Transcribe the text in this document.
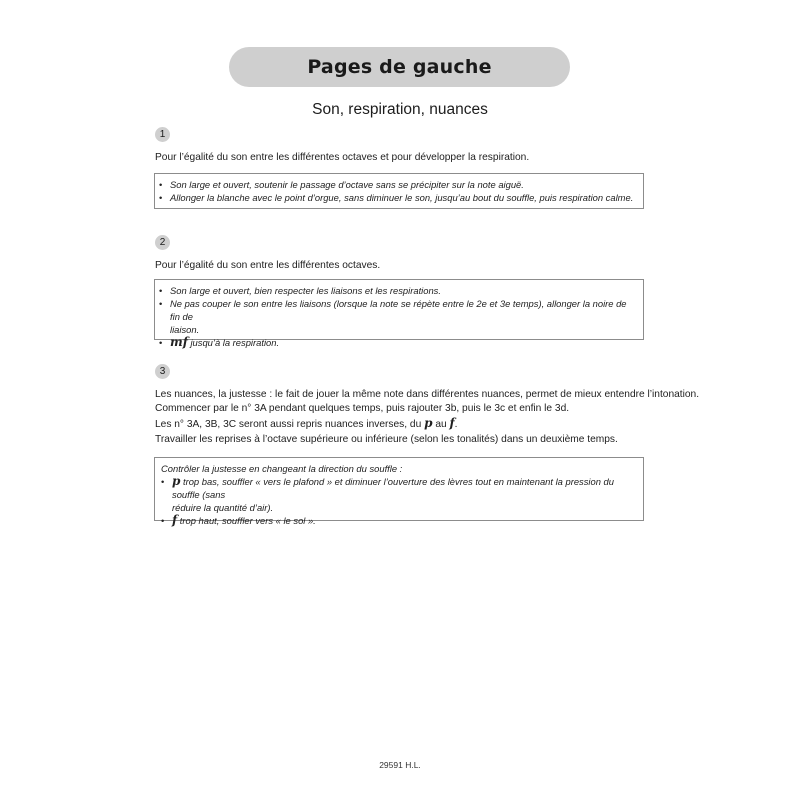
Pages de gauche
Son, respiration, nuances
1
Pour l’égalité du son entre les différentes octaves et pour développer la respiration.
• Son large et ouvert, soutenir le passage d’octave sans se précipiter sur la note aiguë.
• Allonger la blanche avec le point d’orgue, sans diminuer le son, jusqu’au bout du souffle, puis respiration calme.
2
Pour l’égalité du son entre les différentes octaves.
• Son large et ouvert, bien respecter les liaisons et les respirations.
• Ne pas couper le son entre les liaisons (lorsque la note se répète entre le 2e et 3e temps), allonger la noire de fin de
liaison.
• mf jusqu’à la respiration.
3
Les nuances, la justesse : le fait de jouer la même note dans différentes nuances, permet de mieux entendre l’intonation.
Commencer par le n° 3A pendant quelques temps, puis rajouter 3b, puis le 3c et enfin le 3d.
Les n° 3A, 3B, 3C seront aussi repris nuances inverses, du p au f.
Travailler les reprises à l’octave supérieure ou inférieure (selon les tonalités) dans un deuxième temps.
Contrôler la justesse en changeant la direction du souffle :
• p trop bas, souffler « vers le plafond » et diminuer l’ouverture des lèvres tout en maintenant la pression du souffle (sans
réduire la quantité d’air).
• f trop haut, souffler vers « le sol ».
29591 H.L.
